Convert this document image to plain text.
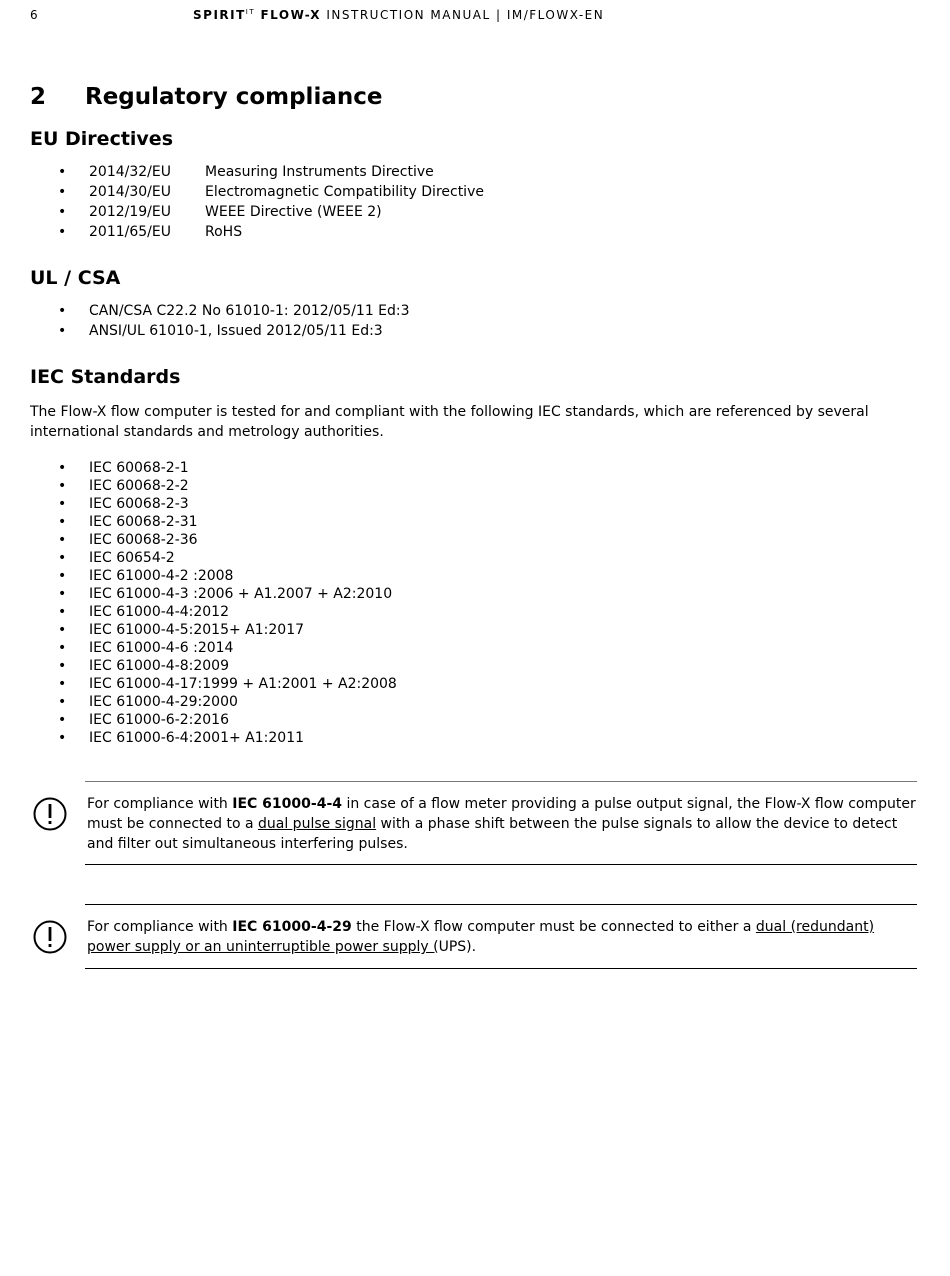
6	$SPIRIT^{IT}$ FLOW-X INSTRUCTION MANUAL | IM/FLOWX-EN
2 Regulatory compliance
EU Directives
• 2014/32/EU Measuring Instruments Directive
• 2014/30/EU Electromagnetic Compatibility Directive
• 2012/19/EU WEEE Directive (WEEE 2)
• 2011/65/EU RoHS
UL / CSA
• CAN/CSA C22.2 No 61010-1: 2012/05/11 Ed:3
• ANSI/UL 61010-1, Issued 2012/05/11 Ed:3
IEC Standards

The Flow-X flow computer is tested for and compliant with the following IEC standards, which are referenced by several international standards and metrology authorities.

• IEC 60068-2-1
• IEC 60068-2-2
• IEC 60068-2-3
• IEC 60068-2-31
• IEC 60068-2-36
• IEC 60654-2
• IEC 61000-4-2 :2008
• IEC 61000-4-3 :2006 + A1.2007 + A2:2010
• IEC 61000-4-4:2012
• IEC 61000-4-5:2015+ A1:2017
• IEC 61000-4-6 :2014
• IEC 61000-4-8:2009
• IEC 61000-4-17:1999 + A1:2001 + A2:2008
• IEC 61000-4-29:2000
• IEC 61000-6-2:2016
• IEC 61000-6-4:2001+ A1:2011

For compliance with IEC 61000-4-4 in case of a flow meter providing a pulse output signal, the Flow-X flow computer must be connected to a dual pulse signal with a phase shift between the pulse signals to allow the device to detect and filter out simultaneous interfering pulses.

For compliance with IEC 61000-4-29 the Flow-X flow computer must be connected to either a dual (redundant) power supply or an uninterruptible power supply (UPS).
